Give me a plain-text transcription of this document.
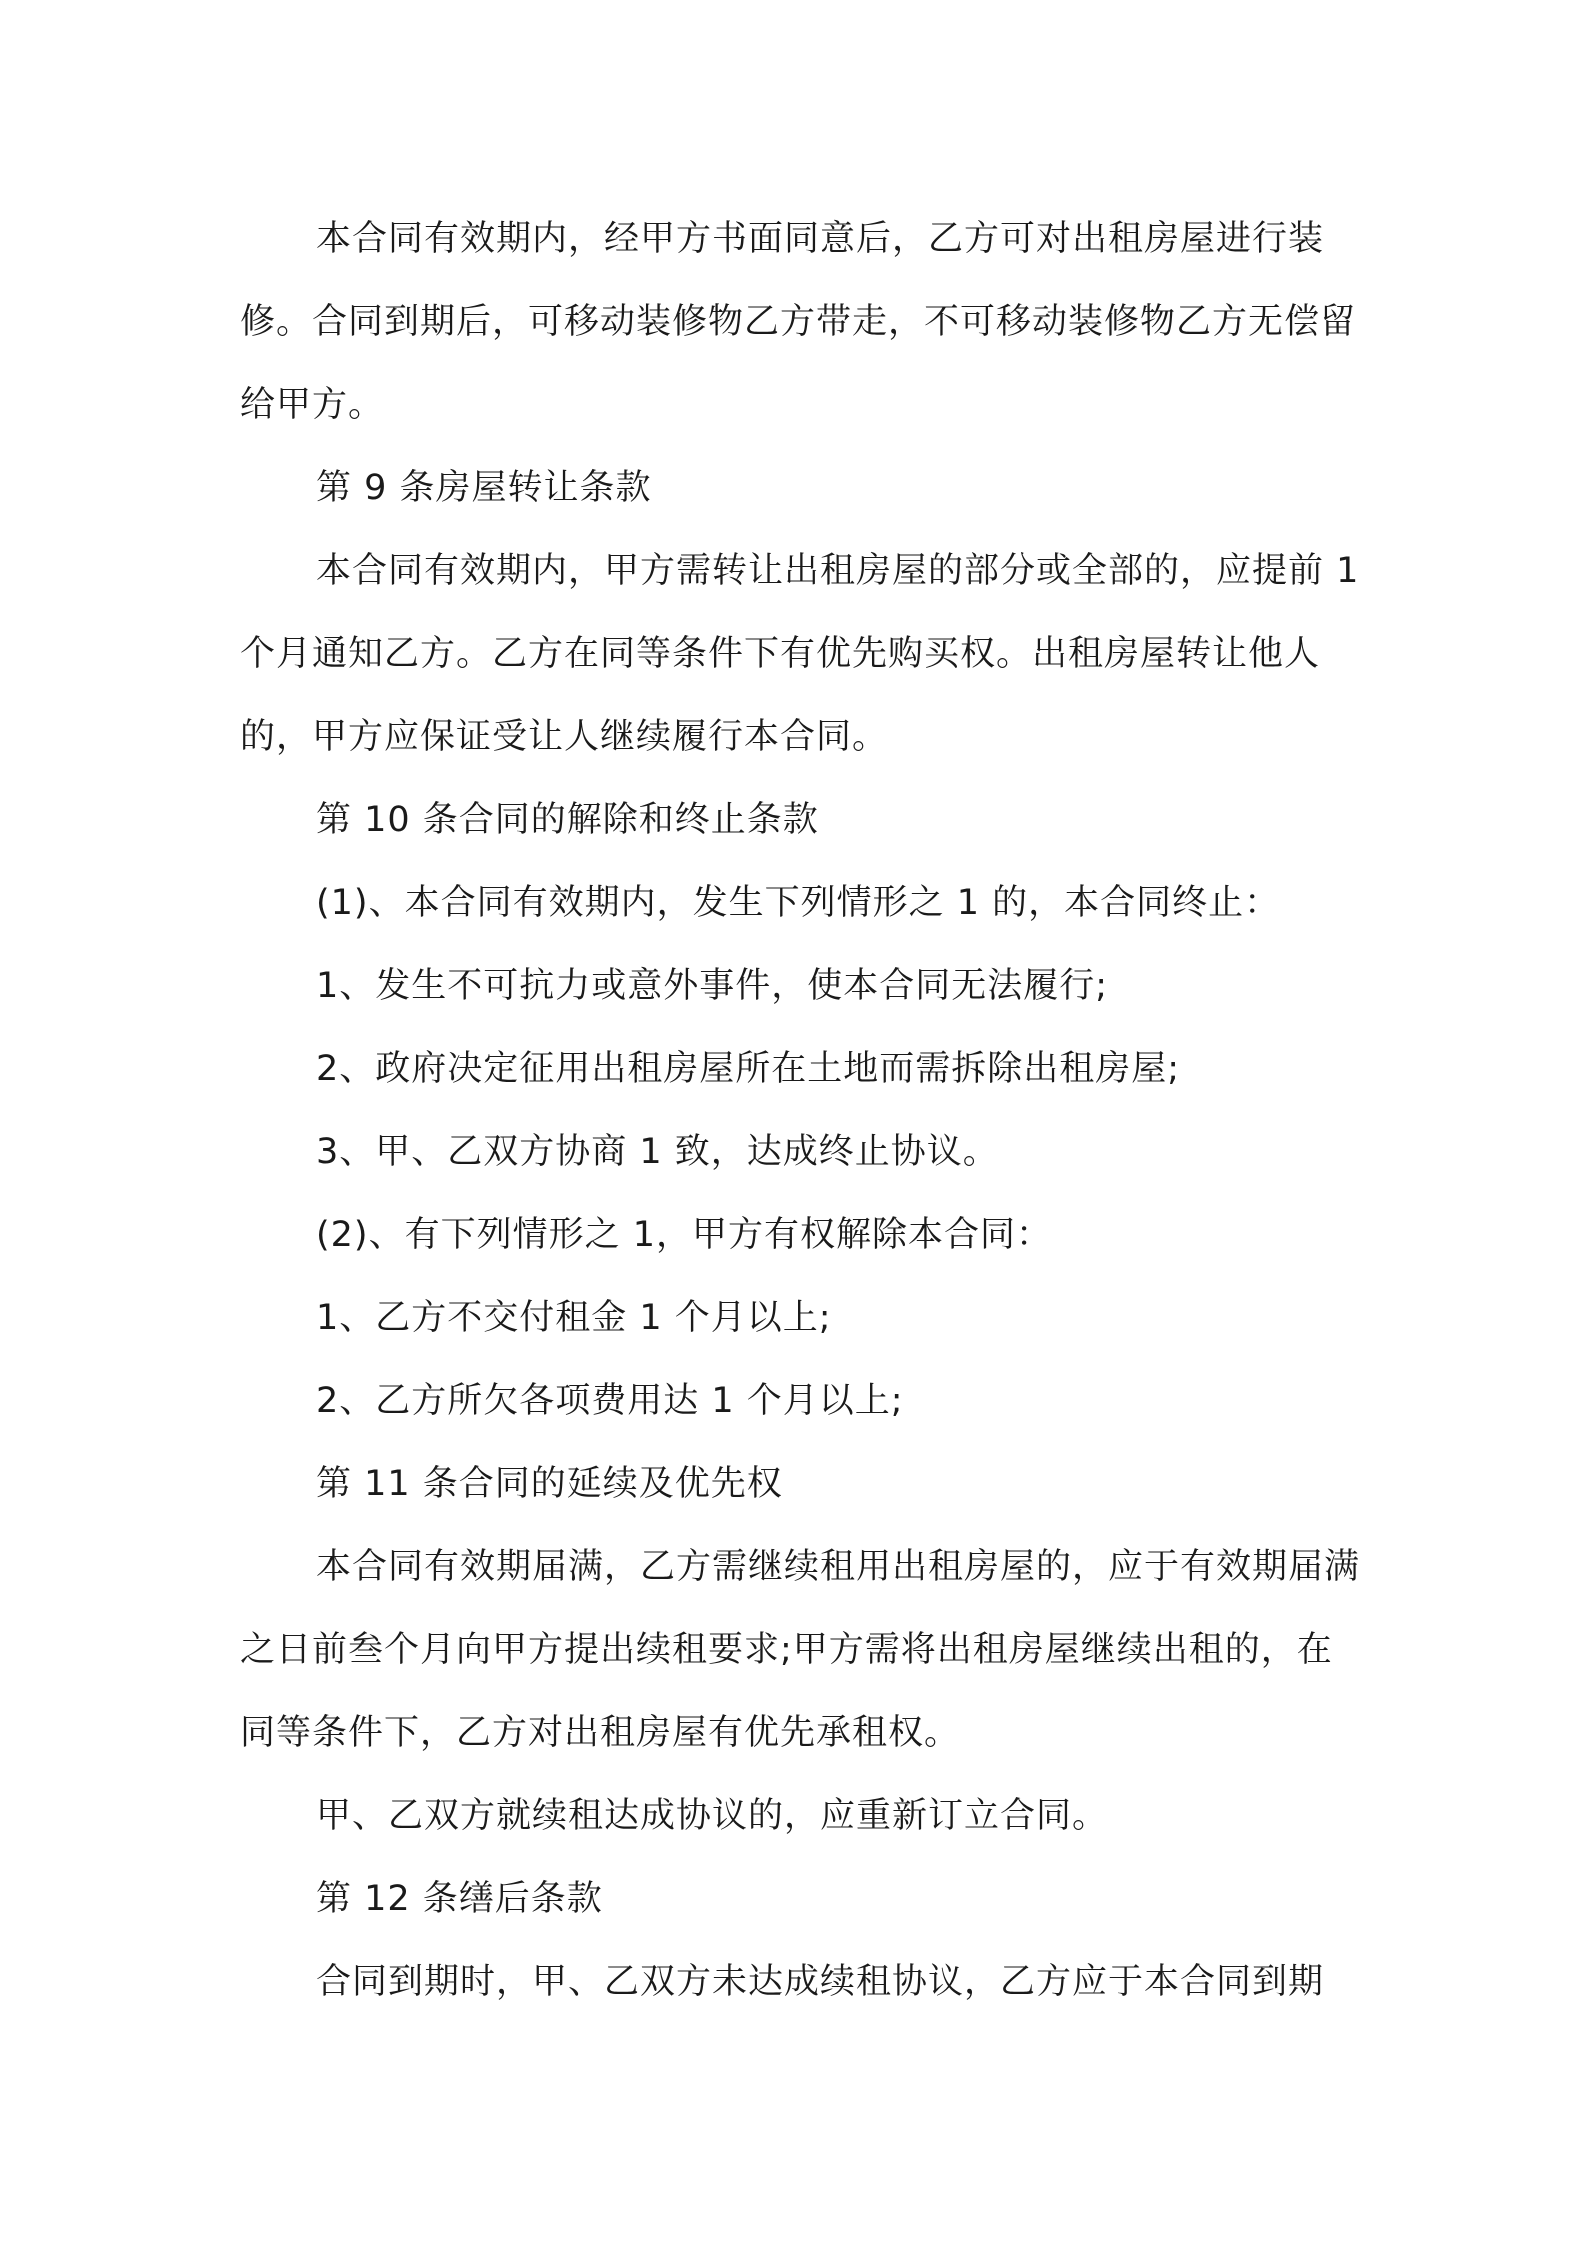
本合同有效期内，经甲方书面同意后，乙方可对出租房屋进行装修。合同到期后，可移动装修物乙方带走，不可移动装修物乙方无偿留给甲方。

第 9 条房屋转让条款

本合同有效期内，甲方需转让出租房屋的部分或全部的，应提前 1 个月通知乙方。乙方在同等条件下有优先购买权。出租房屋转让他人的，甲方应保证受让人继续履行本合同。

第 10 条合同的解除和终止条款

(1)、本合同有效期内，发生下列情形之 1 的，本合同终止：

1、发生不可抗力或意外事件，使本合同无法履行;

2、政府决定征用出租房屋所在土地而需拆除出租房屋;

3、甲、乙双方协商 1 致，达成终止协议。

(2)、有下列情形之 1，甲方有权解除本合同：

1、乙方不交付租金 1 个月以上;

2、乙方所欠各项费用达 1 个月以上;

第 11 条合同的延续及优先权

本合同有效期届满，乙方需继续租用出租房屋的，应于有效期届满之日前叁个月向甲方提出续租要求;甲方需将出租房屋继续出租的，在同等条件下，乙方对出租房屋有优先承租权。

甲、乙双方就续租达成协议的，应重新订立合同。

第 12 条缮后条款

合同到期时，甲、乙双方未达成续租协议，乙方应于本合同到期
